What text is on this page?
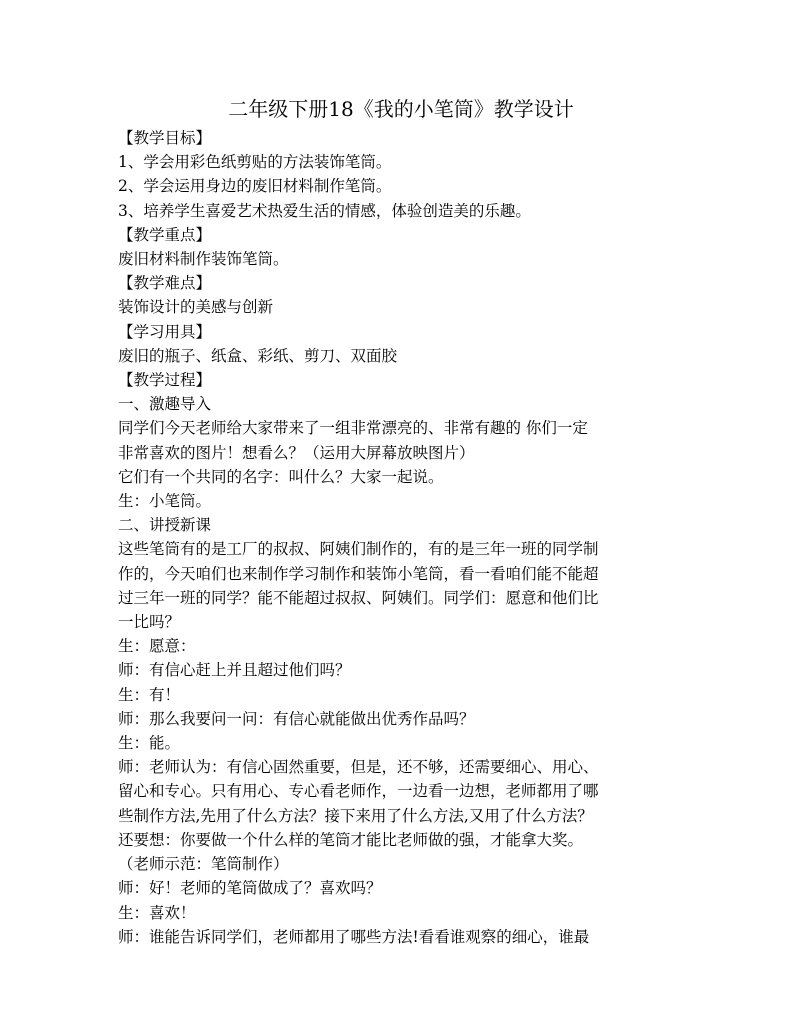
二年级下册18《我的小笔筒》教学设计

【教学目标】

1、学会用彩色纸剪贴的方法装饰笔筒。

2、学会运用身边的废旧材料制作笔筒。

3、培养学生喜爱艺术热爱生活的情感，体验创造美的乐趣。

【教学重点】

废旧材料制作装饰笔筒。

【教学难点】

装饰设计的美感与创新

【学习用具】

废旧的瓶子、纸盒、彩纸、剪刀、双面胶

【教学过程】

一、激趣导入

同学们今天老师给大家带来了一组非常漂亮的、非常有趣的 你们一定

非常喜欢的图片！想看么？（运用大屏幕放映图片）

它们有一个共同的名字：叫什么？大家一起说。

生：小笔筒。

二、讲授新课

这些笔筒有的是工厂的叔叔、阿姨们制作的，有的是三年一班的同学制

作的，今天咱们也来制作学习制作和装饰小笔筒，看一看咱们能不能超

过三年一班的同学？能不能超过叔叔、阿姨们。同学们：愿意和他们比

一比吗？

生：愿意：

师：有信心赶上并且超过他们吗？

生：有！

师：那么我要问一问：有信心就能做出优秀作品吗？

生：能。

师：老师认为：有信心固然重要，但是，还不够，还需要细心、用心、

留心和专心。只有用心、专心看老师作，一边看一边想，老师都用了哪

些制作方法,先用了什么方法？接下来用了什么方法,又用了什么方法？

还要想：你要做一个什么样的笔筒才能比老师做的强，才能拿大奖。

（老师示范：笔筒制作）

师：好！老师的笔筒做成了？喜欢吗？

生：喜欢！

师：谁能告诉同学们，老师都用了哪些方法!看看谁观察的细心，谁最
